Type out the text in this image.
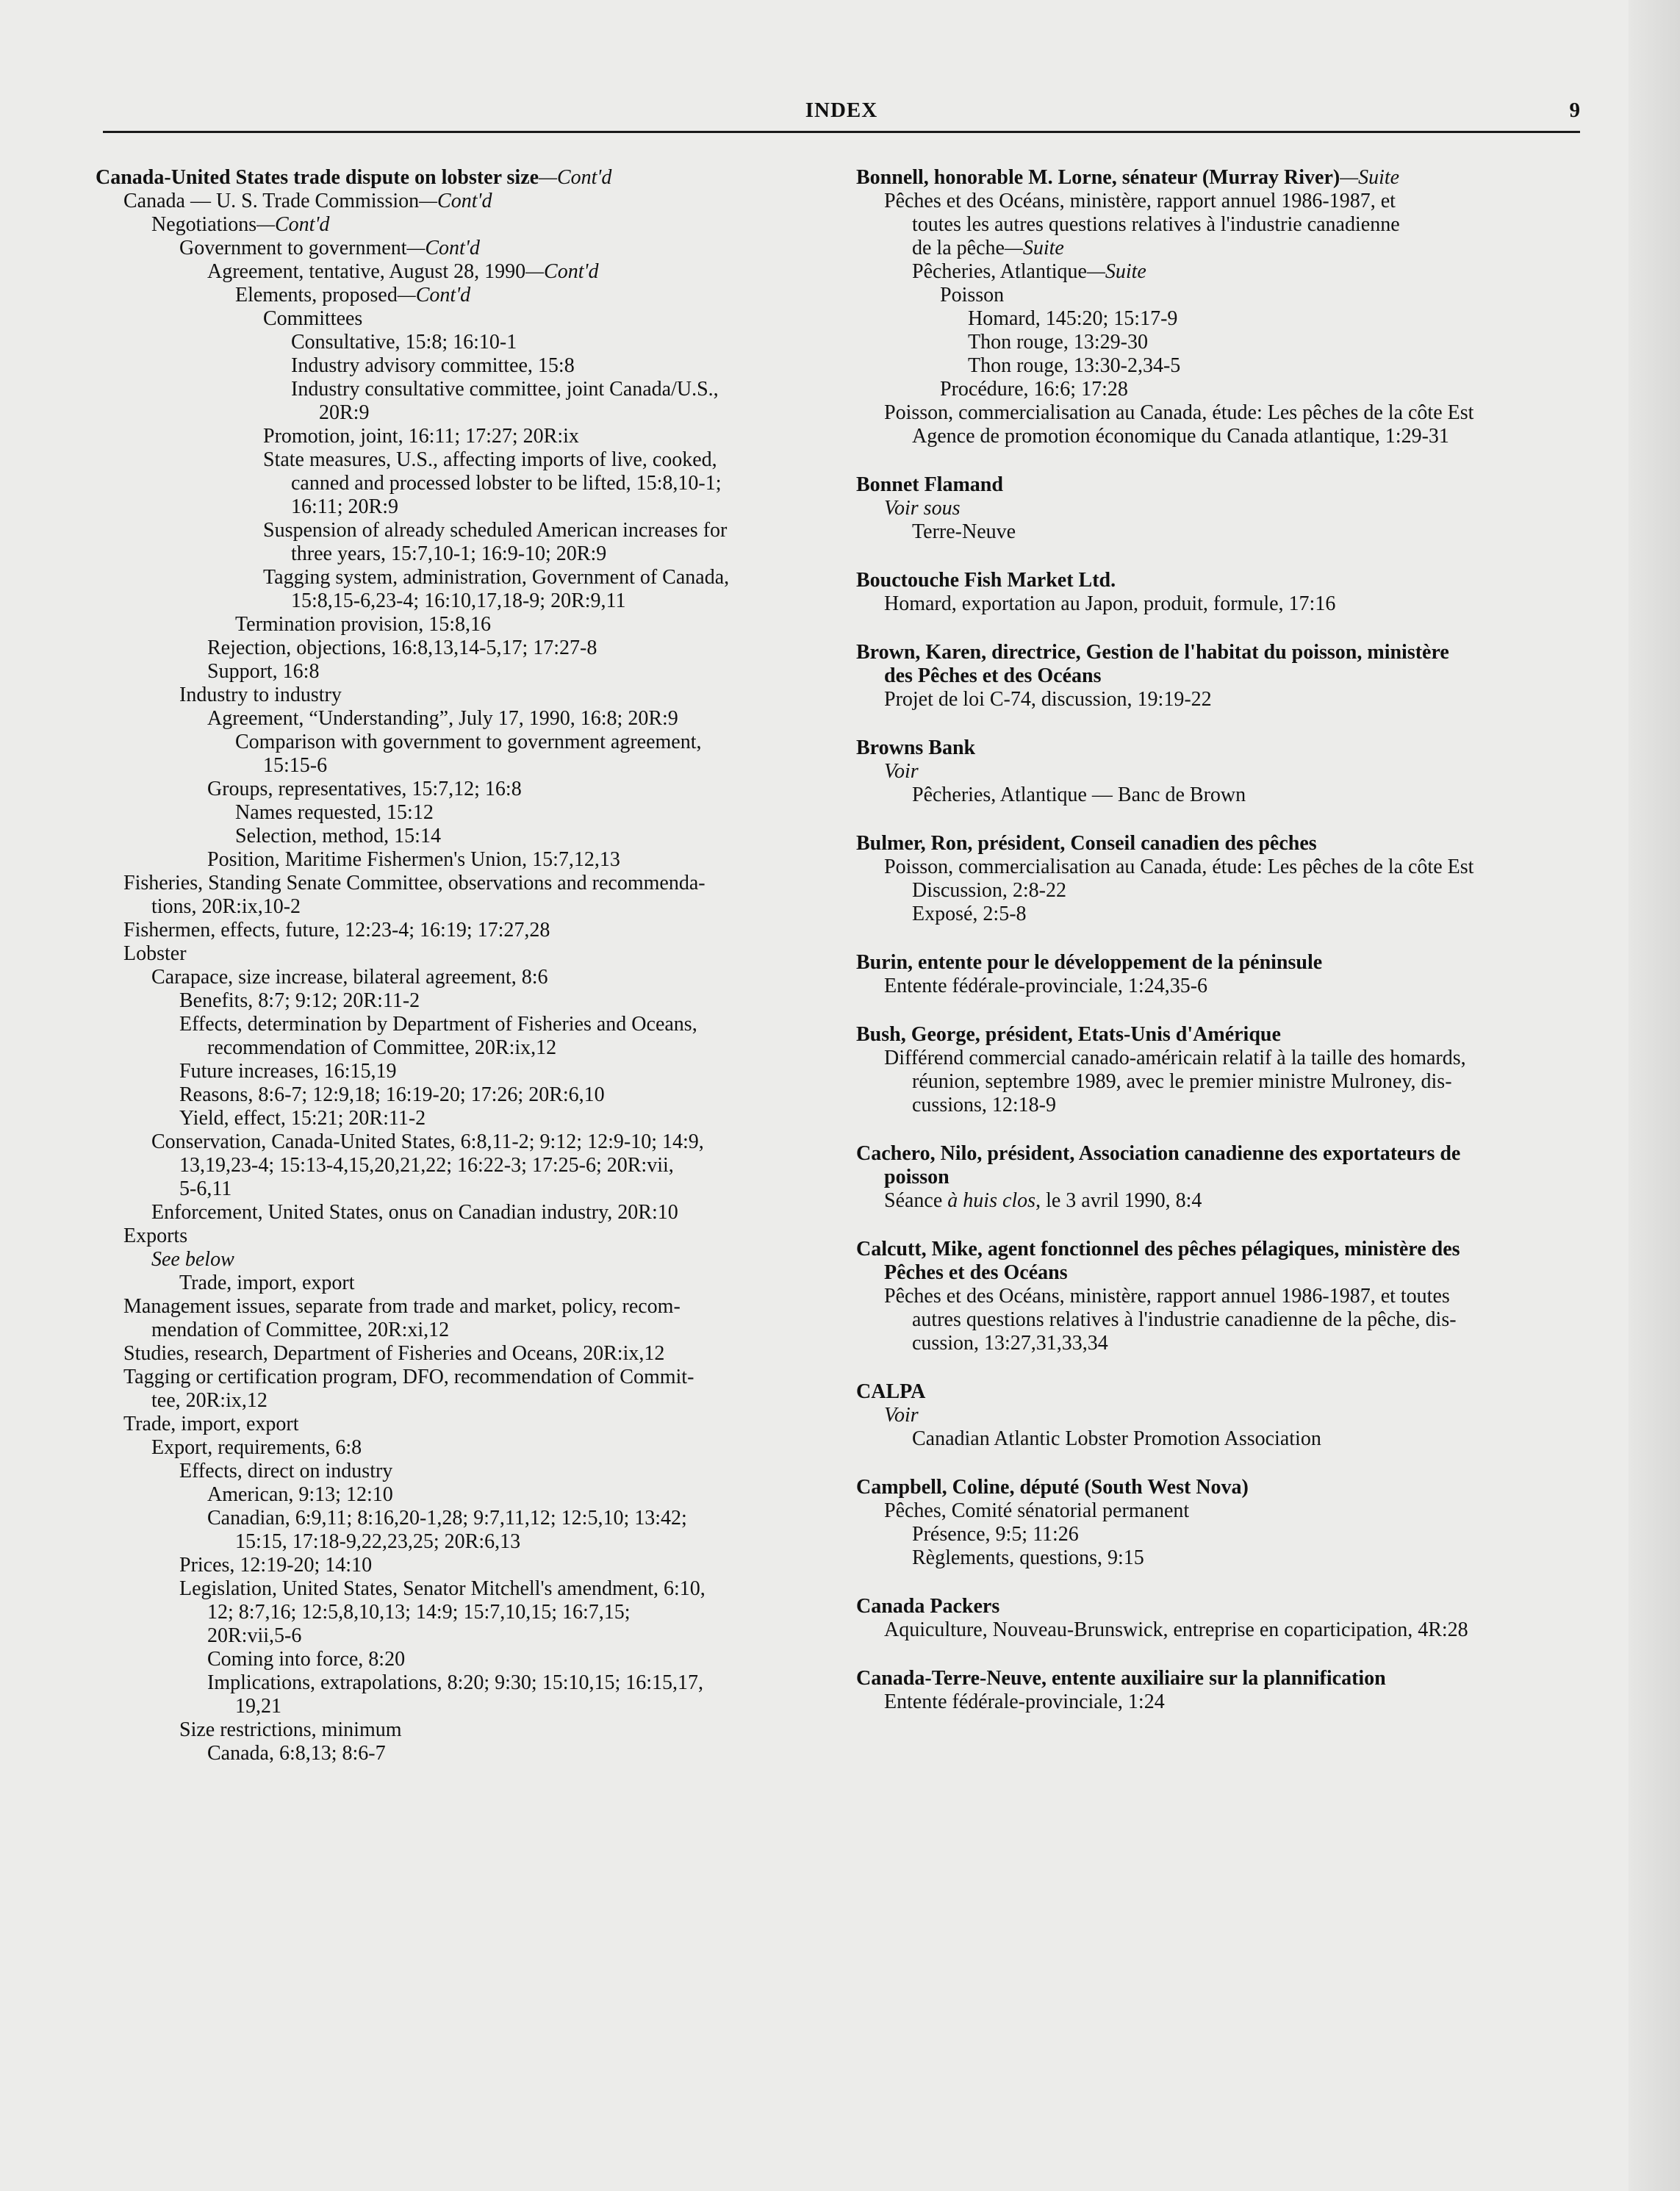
INDEX	9
Canada-United States trade dispute on lobster size—Cont'd
Canada — U. S. Trade Commission—Cont'd
Negotiations—Cont'd
Government to government—Cont'd
Agreement, tentative, August 28, 1990—Cont'd
Elements, proposed—Cont'd
Committees
Consultative, 15:8; 16:10-1
Industry advisory committee, 15:8
Industry consultative committee, joint Canada/U.S.,
20R:9
Promotion, joint, 16:11; 17:27; 20R:ix
State measures, U.S., affecting imports of live, cooked,
canned and processed lobster to be lifted, 15:8,10-1;
16:11; 20R:9
Suspension of already scheduled American increases for
three years, 15:7,10-1; 16:9-10; 20R:9
Tagging system, administration, Government of Canada,
15:8,15-6,23-4; 16:10,17,18-9; 20R:9,11
Termination provision, 15:8,16
Rejection, objections, 16:8,13,14-5,17; 17:27-8
Support, 16:8
Industry to industry
Agreement, “Understanding”, July 17, 1990, 16:8; 20R:9
Comparison with government to government agreement,
15:15-6
Groups, representatives, 15:7,12; 16:8
Names requested, 15:12
Selection, method, 15:14
Position, Maritime Fishermen's Union, 15:7,12,13
Fisheries, Standing Senate Committee, observations and recommenda-
tions, 20R:ix,10-2
Fishermen, effects, future, 12:23-4; 16:19; 17:27,28
Lobster
Carapace, size increase, bilateral agreement, 8:6
Benefits, 8:7; 9:12; 20R:11-2
Effects, determination by Department of Fisheries and Oceans,
recommendation of Committee, 20R:ix,12
Future increases, 16:15,19
Reasons, 8:6-7; 12:9,18; 16:19-20; 17:26; 20R:6,10
Yield, effect, 15:21; 20R:11-2
Conservation, Canada-United States, 6:8,11-2; 9:12; 12:9-10; 14:9,
13,19,23-4; 15:13-4,15,20,21,22; 16:22-3; 17:25-6; 20R:vii,
5-6,11
Enforcement, United States, onus on Canadian industry, 20R:10
Exports
See below
Trade, import, export
Management issues, separate from trade and market, policy, recom-
mendation of Committee, 20R:xi,12
Studies, research, Department of Fisheries and Oceans, 20R:ix,12
Tagging or certification program, DFO, recommendation of Commit-
tee, 20R:ix,12
Trade, import, export
Export, requirements, 6:8
Effects, direct on industry
American, 9:13; 12:10
Canadian, 6:9,11; 8:16,20-1,28; 9:7,11,12; 12:5,10; 13:42;
15:15, 17:18-9,22,23,25; 20R:6,13
Prices, 12:19-20; 14:10
Legislation, United States, Senator Mitchell's amendment, 6:10,
12; 8:7,16; 12:5,8,10,13; 14:9; 15:7,10,15; 16:7,15;
20R:vii,5-6
Coming into force, 8:20
Implications, extrapolations, 8:20; 9:30; 15:10,15; 16:15,17,
19,21
Size restrictions, minimum
Canada, 6:8,13; 8:6-7
Bonnell, honorable M. Lorne, sénateur (Murray River)—Suite
Pêches et des Océans, ministère, rapport annuel 1986-1987, et
toutes les autres questions relatives à l'industrie canadienne
de la pêche—Suite
Pêcheries, Atlantique—Suite
Poisson
Homard, 145:20; 15:17-9
Thon rouge, 13:29-30
Thon rouge, 13:30-2,34-5
Procédure, 16:6; 17:28
Poisson, commercialisation au Canada, étude: Les pêches de la côte Est
Agence de promotion économique du Canada atlantique, 1:29-31
Bonnet Flamand
Voir sous
Terre-Neuve
Bouctouche Fish Market Ltd.
Homard, exportation au Japon, produit, formule, 17:16
Brown, Karen, directrice, Gestion de l'habitat du poisson, ministère
des Pêches et des Océans
Projet de loi C-74, discussion, 19:19-22
Browns Bank
Voir
Pêcheries, Atlantique — Banc de Brown
Bulmer, Ron, président, Conseil canadien des pêches
Poisson, commercialisation au Canada, étude: Les pêches de la côte Est
Discussion, 2:8-22
Exposé, 2:5-8
Burin, entente pour le développement de la péninsule
Entente fédérale-provinciale, 1:24,35-6
Bush, George, président, Etats-Unis d'Amérique
Différend commercial canado-américain relatif à la taille des homards,
réunion, septembre 1989, avec le premier ministre Mulroney, dis-
cussions, 12:18-9
Cachero, Nilo, président, Association canadienne des exportateurs de
poisson
Séance à huis clos, le 3 avril 1990, 8:4
Calcutt, Mike, agent fonctionnel des pêches pélagiques, ministère des
Pêches et des Océans
Pêches et des Océans, ministère, rapport annuel 1986-1987, et toutes
autres questions relatives à l'industrie canadienne de la pêche, dis-
cussion, 13:27,31,33,34
CALPA
Voir
Canadian Atlantic Lobster Promotion Association
Campbell, Coline, député (South West Nova)
Pêches, Comité sénatorial permanent
Présence, 9:5; 11:26
Règlements, questions, 9:15
Canada Packers
Aquiculture, Nouveau-Brunswick, entreprise en coparticipation, 4R:28
Canada-Terre-Neuve, entente auxiliaire sur la plannification
Entente fédérale-provinciale, 1:24
